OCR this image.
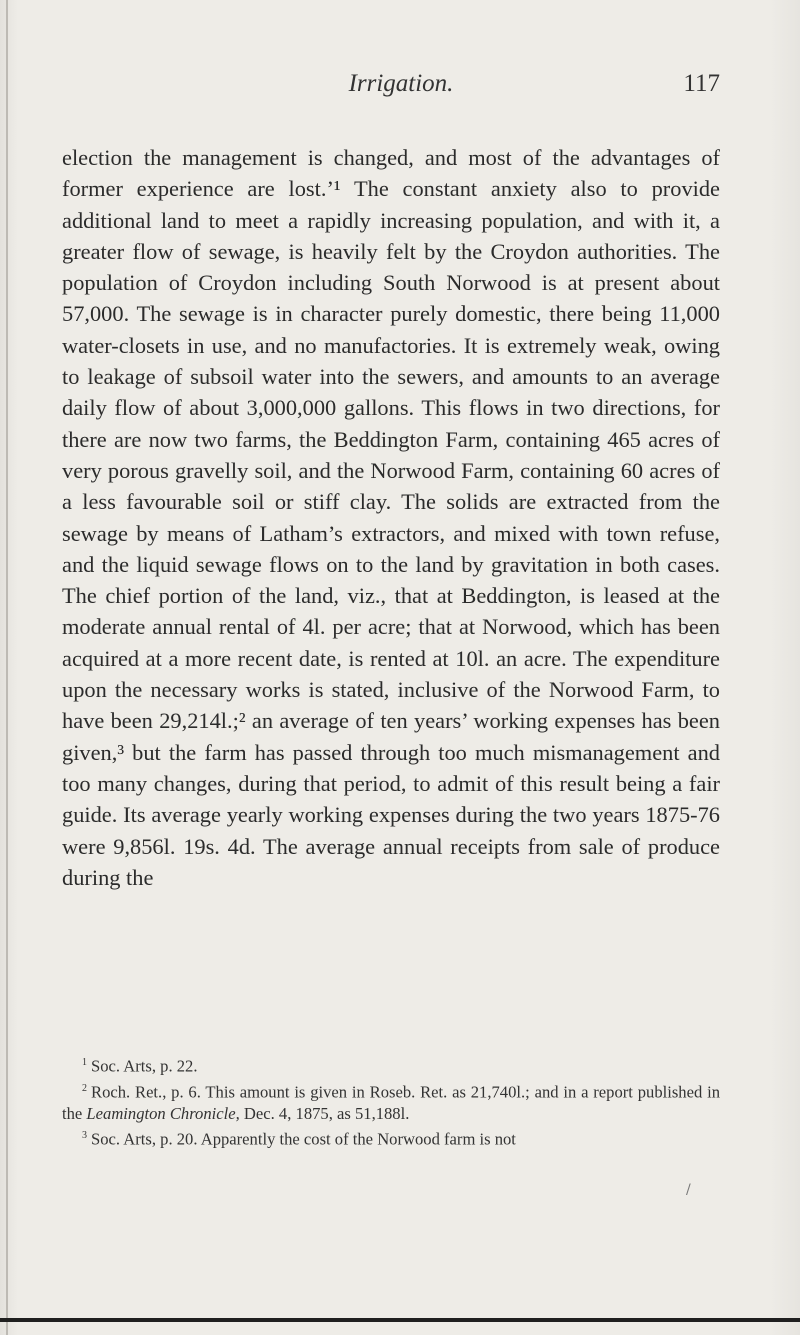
Irrigation.	117

election the management is changed, and most of the advantages of former experience are lost.’¹ The constant anxiety also to provide additional land to meet a rapidly increasing population, and with it, a greater flow of sewage, is heavily felt by the Croydon authorities. The population of Croydon including South Norwood is at present about 57,000. The sewage is in character purely domestic, there being 11,000 water-closets in use, and no manufactories. It is extremely weak, owing to leakage of subsoil water into the sewers, and amounts to an average daily flow of about 3,000,000 gallons. This flows in two directions, for there are now two farms, the Beddington Farm, containing 465 acres of very porous gravelly soil, and the Norwood Farm, containing 60 acres of a less favourable soil or stiff clay. The solids are extracted from the sewage by means of Latham’s extractors, and mixed with town refuse, and the liquid sewage flows on to the land by gravitation in both cases. The chief portion of the land, viz., that at Beddington, is leased at the moderate annual rental of 4l. per acre; that at Norwood, which has been acquired at a more recent date, is rented at 10l. an acre. The expenditure upon the necessary works is stated, inclusive of the Norwood Farm, to have been 29,214l.;² an average of ten years’ working expenses has been given,³ but the farm has passed through too much mismanagement and too many changes, during that period, to admit of this result being a fair guide. Its average yearly working expenses during the two years 1875-76 were 9,856l. 19s. 4d. The average annual receipts from sale of produce during the

$^1$ Soc. Arts, p. 22.

$^2$ Roch. Ret., p. 6. This amount is given in Roseb. Ret. as 21,740l.; and in a report published in the Leamington Chronicle, Dec. 4, 1875, as 51,188l.

$^3$ Soc. Arts, p. 20. Apparently the cost of the Norwood farm is not

/
